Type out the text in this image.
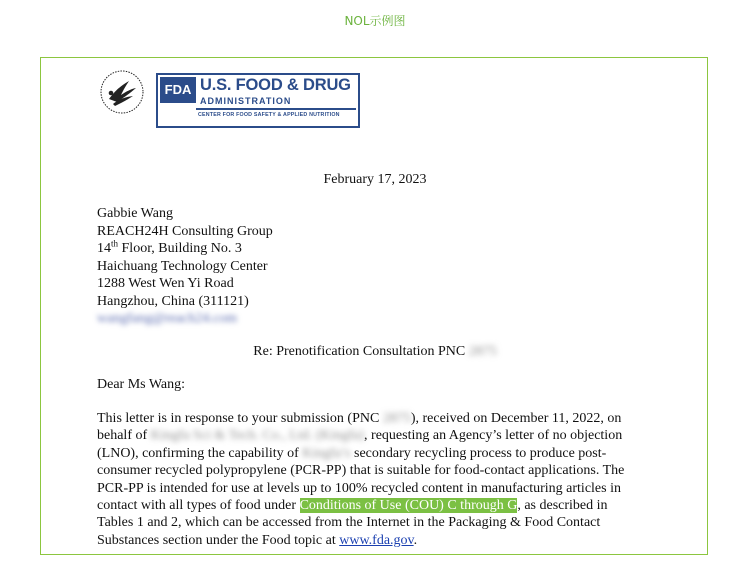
NOL示例图
FDA U.S. FOOD & DRUG
ADMINISTRATION
CENTER FOR FOOD SAFETY & APPLIED NUTRITION
February 17, 2023
Gabbie Wang
REACH24H Consulting Group
14th Floor, Building No. 3
Haichuang Technology Center
1288 West Wen Yi Road
Hangzhou, China (311121)
wangfang@reach24.com
Re: Prenotification Consultation PNC 2875
Dear Ms Wang:
This letter is in response to your submission (PNC 2875), received on December 11, 2022, on
behalf of Kingfa Sci & Tech. Co., Ltd. (Kingfa), requesting an Agency’s letter of no objection
(LNO), confirming the capability of Kingfa’s secondary recycling process to produce post-
consumer recycled polypropylene (PCR-PP) that is suitable for food-contact applications. The
PCR-PP is intended for use at levels up to 100% recycled content in manufacturing articles in
contact with all types of food under Conditions of Use (COU) C through G, as described in
Tables 1 and 2, which can be accessed from the Internet in the Packaging & Food Contact
Substances section under the Food topic at www.fda.gov.
